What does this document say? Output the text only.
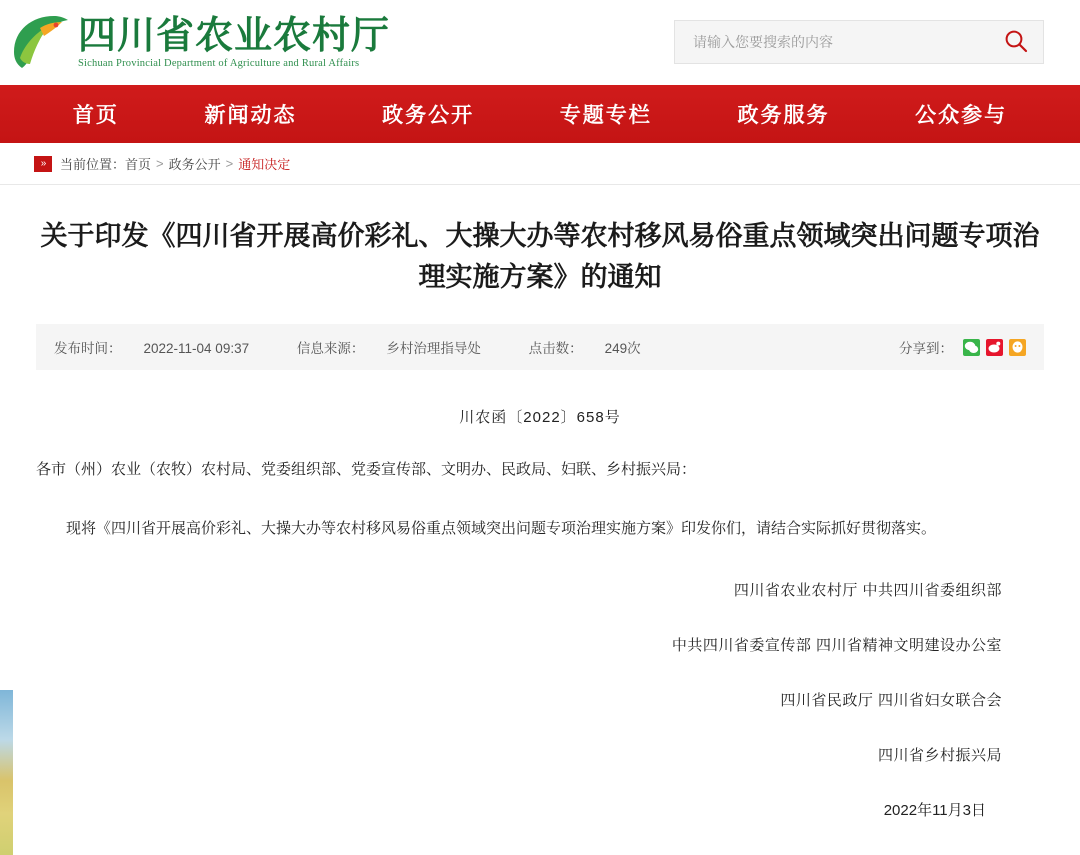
四川省农业农村厅
Sichuan Provincial Department of Agriculture and Rural Affairs
请输入您要搜索的内容
首页	新闻动态	政务公开	专题专栏	政务服务	公众参与
»	当前位置： 首页 > 政务公开 > 通知决定
关于印发《四川省开展高价彩礼、大操大办等农村移风易俗重点领域突出问题专项治理实施方案》的通知
发布时间： 2022-11-04 09:37	信息来源： 乡村治理指导处	点击数： 249次	分享到：
川农函〔2022〕658号

各市（州）农业（农牧）农村局、党委组织部、党委宣传部、文明办、民政局、妇联、乡村振兴局：

现将《四川省开展高价彩礼、大操大办等农村移风易俗重点领域突出问题专项治理实施方案》印发你们，请结合实际抓好贯彻落实。

四川省农业农村厅 中共四川省委组织部
中共四川省委宣传部 四川省精神文明建设办公室
四川省民政厅 四川省妇女联合会
四川省乡村振兴局
2022年11月3日
